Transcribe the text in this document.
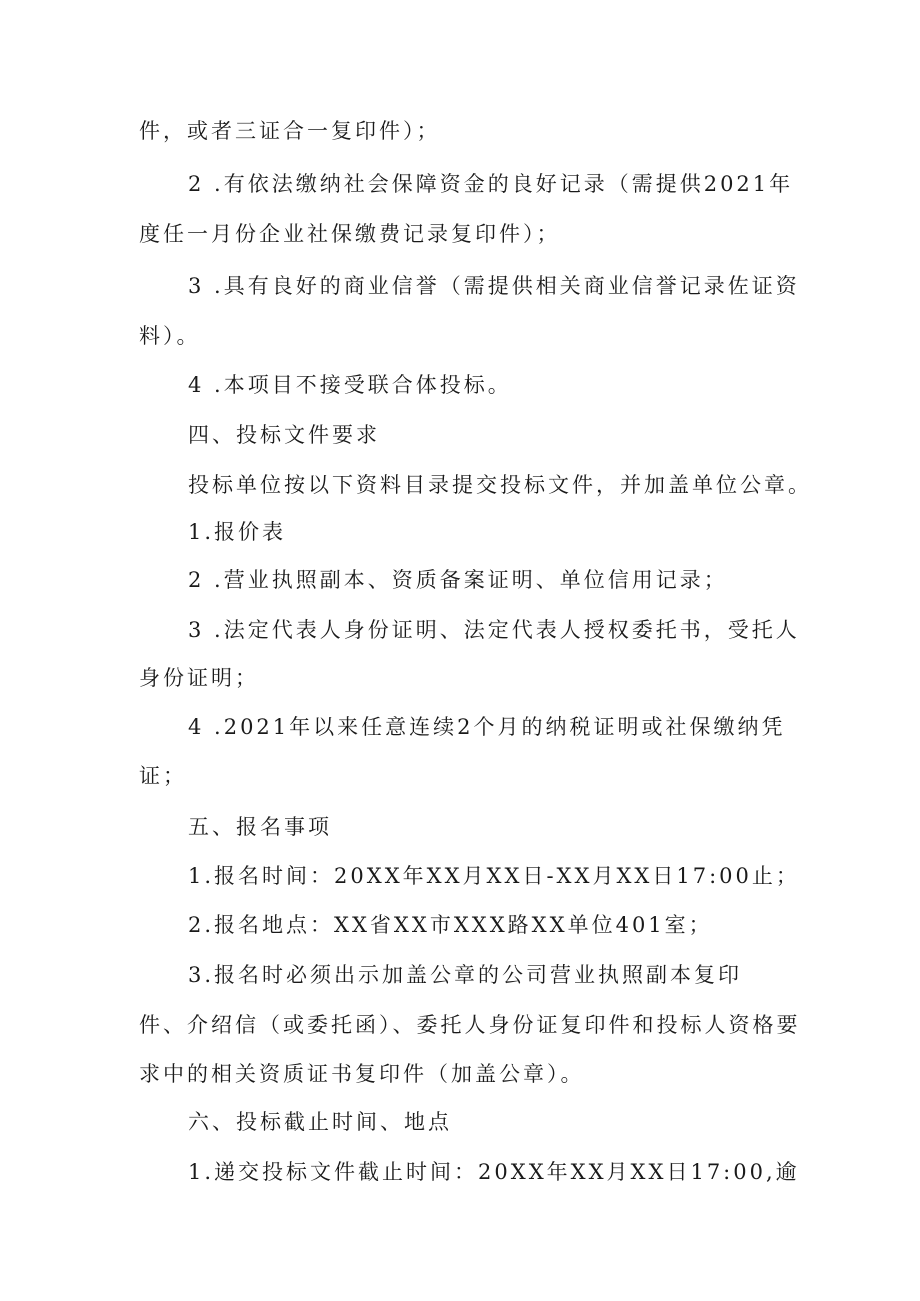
件，或者三证合一复印件）；
2 .有依法缴纳社会保障资金的良好记录（需提供2021年
度任一月份企业社保缴费记录复印件）；
3 .具有良好的商业信誉（需提供相关商业信誉记录佐证资
料）。
4 .本项目不接受联合体投标。
四、投标文件要求
投标单位按以下资料目录提交投标文件，并加盖单位公章。
1.报价表
2 .营业执照副本、资质备案证明、单位信用记录；
3 .法定代表人身份证明、法定代表人授权委托书，受托人
身份证明；
4 .2021年以来任意连续2个月的纳税证明或社保缴纳凭
证；
五、报名事项
1.报名时间：20XX年XX月XX日-XX月XX日17:00止；
2.报名地点：XX省XX市XXX路XX单位401室；
3.报名时必须出示加盖公章的公司营业执照副本复印
件、介绍信（或委托函）、委托人身份证复印件和投标人资格要
求中的相关资质证书复印件（加盖公章）。
六、投标截止时间、地点
1.递交投标文件截止时间：20XX年XX月XX日17:00,逾
